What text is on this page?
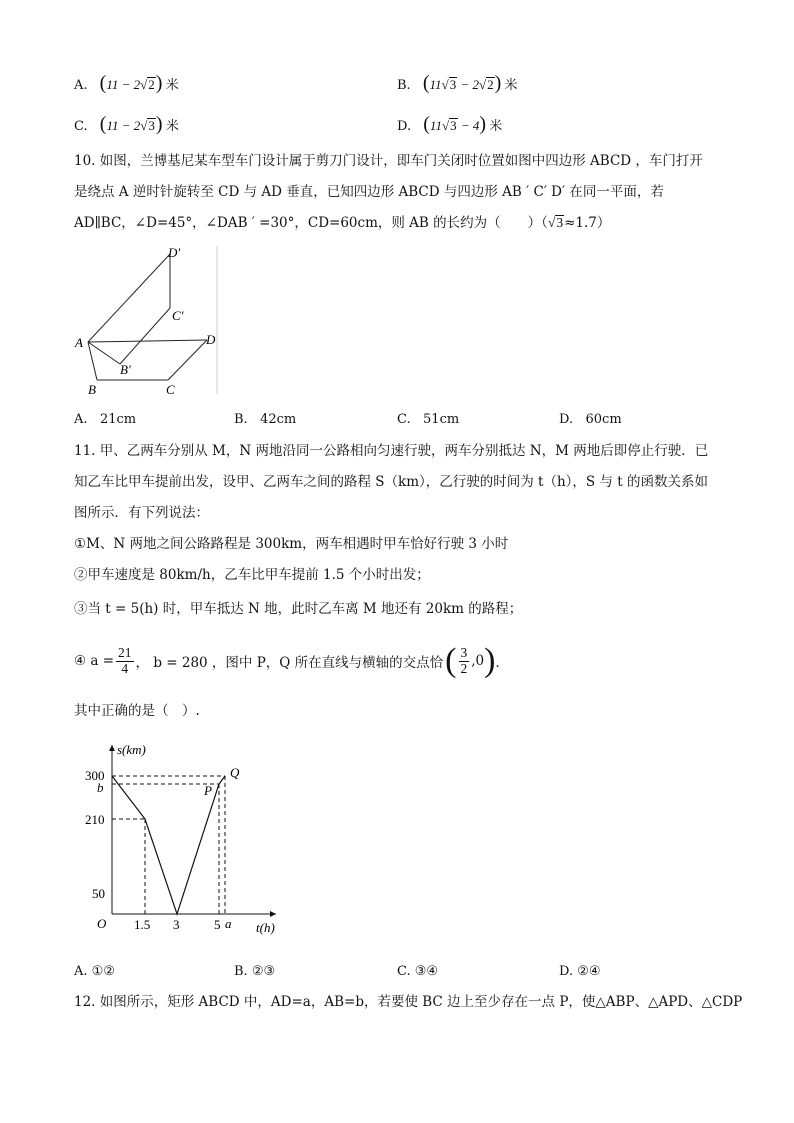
A. (11 − 2√2) 米	B. (11√3 − 2√2) 米
C. (11 − 2√3) 米	D. (11√3 − 4) 米
10. 如图，兰博基尼某车型车门设计属于剪刀门设计，即车门关闭时位置如图中四边形 ABCD ，车门打开
是绕点 A 逆时针旋转至 CD 与 AD 垂直，已知四边形 ABCD 与四边形 AB ′ C′ D′ 在同一平面，若
AD∥BC，∠D=45°，∠DAB ′ =30°，CD=60cm，则 AB 的长约为（　　）（√3≈1.7）
D′
C′
A	D
B′
B	C
A. 21cm	B. 42cm	C. 51cm	D. 60cm
11. 甲、乙两车分别从 M，N 两地沿同一公路相向匀速行驶，两车分别抵达 N，M 两地后即停止行驶．已
知乙车比甲车提前出发，设甲、乙两车之间的路程 S（km），乙行驶的时间为 t（h），S 与 t 的函数关系如
图所示．有下列说法：
①M、N 两地之间公路路程是 300km，两车相遇时甲车恰好行驶 3 小时
②甲车速度是 80km/h，乙车比甲车提前 1.5 个小时出发；
③当 t = 5(h) 时，甲车抵达 N 地，此时乙车离 M 地还有 20km 的路程；
④ $a = \frac{21}{4}$ ， b = 280 ，图中 P，Q 所在直线与横轴的交点恰 ( $\frac{3}{2} ,0$ ) ．
其中正确的是（　）.
s(km)
t(h)
O
300
b
210
50
1.5 3	5 a
P
Q
A. ①②	B. ②③	C. ③④	D. ②④
12. 如图所示，矩形 ABCD 中，AD=a，AB=b，若要使 BC 边上至少存在一点 P，使△ABP、△APD、△CDP
